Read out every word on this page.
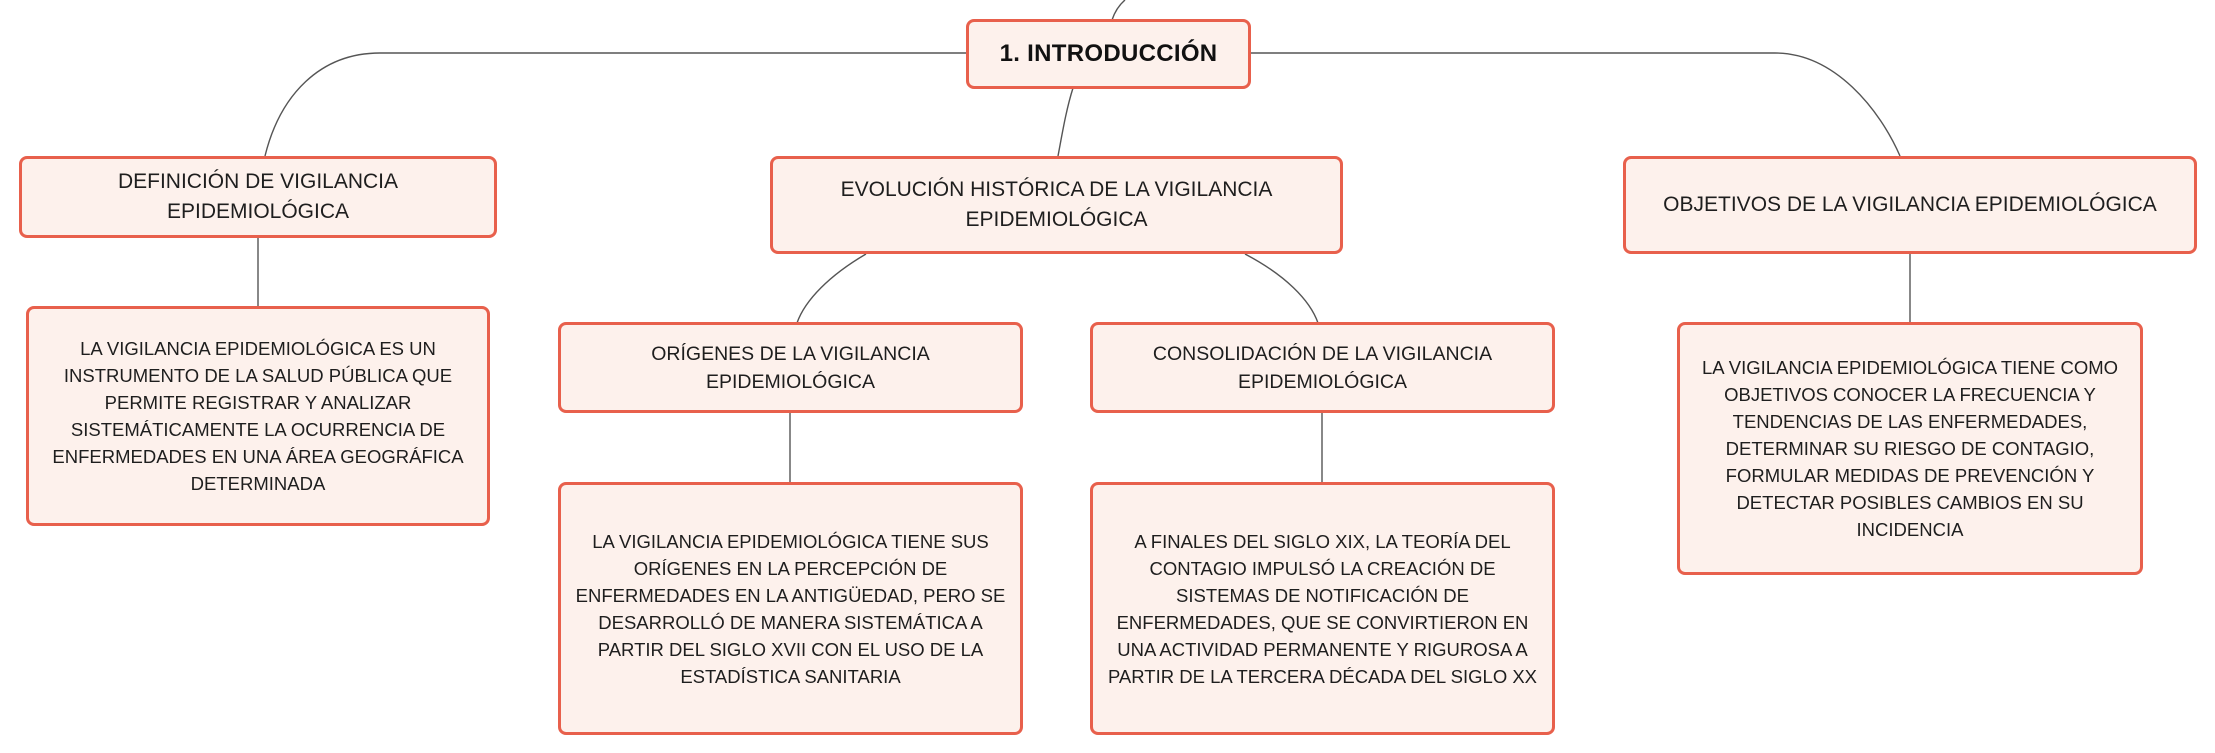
1. INTRODUCCIÓN
DEFINICIÓN DE VIGILANCIA EPIDEMIOLÓGICA
LA VIGILANCIA EPIDEMIOLÓGICA ES UN INSTRUMENTO DE LA SALUD PÚBLICA QUE PERMITE REGISTRAR Y ANALIZAR SISTEMÁTICAMENTE LA OCURRENCIA DE ENFERMEDADES EN UNA ÁREA GEOGRÁFICA DETERMINADA
EVOLUCIÓN HISTÓRICA DE LA VIGILANCIA EPIDEMIOLÓGICA
ORÍGENES DE LA VIGILANCIA EPIDEMIOLÓGICA
LA VIGILANCIA EPIDEMIOLÓGICA TIENE SUS ORÍGENES EN LA PERCEPCIÓN DE ENFERMEDADES EN LA ANTIGÜEDAD, PERO SE DESARROLLÓ DE MANERA SISTEMÁTICA A PARTIR DEL SIGLO XVII CON EL USO DE LA ESTADÍSTICA SANITARIA
CONSOLIDACIÓN DE LA VIGILANCIA EPIDEMIOLÓGICA
A FINALES DEL SIGLO XIX, LA TEORÍA DEL CONTAGIO IMPULSÓ LA CREACIÓN DE SISTEMAS DE NOTIFICACIÓN DE ENFERMEDADES, QUE SE CONVIRTIERON EN UNA ACTIVIDAD PERMANENTE Y RIGUROSA A PARTIR DE LA TERCERA DÉCADA DEL SIGLO XX
OBJETIVOS DE LA VIGILANCIA EPIDEMIOLÓGICA
LA VIGILANCIA EPIDEMIOLÓGICA TIENE COMO OBJETIVOS CONOCER LA FRECUENCIA Y TENDENCIAS DE LAS ENFERMEDADES, DETERMINAR SU RIESGO DE CONTAGIO, FORMULAR MEDIDAS DE PREVENCIÓN Y DETECTAR POSIBLES CAMBIOS EN SU INCIDENCIA
